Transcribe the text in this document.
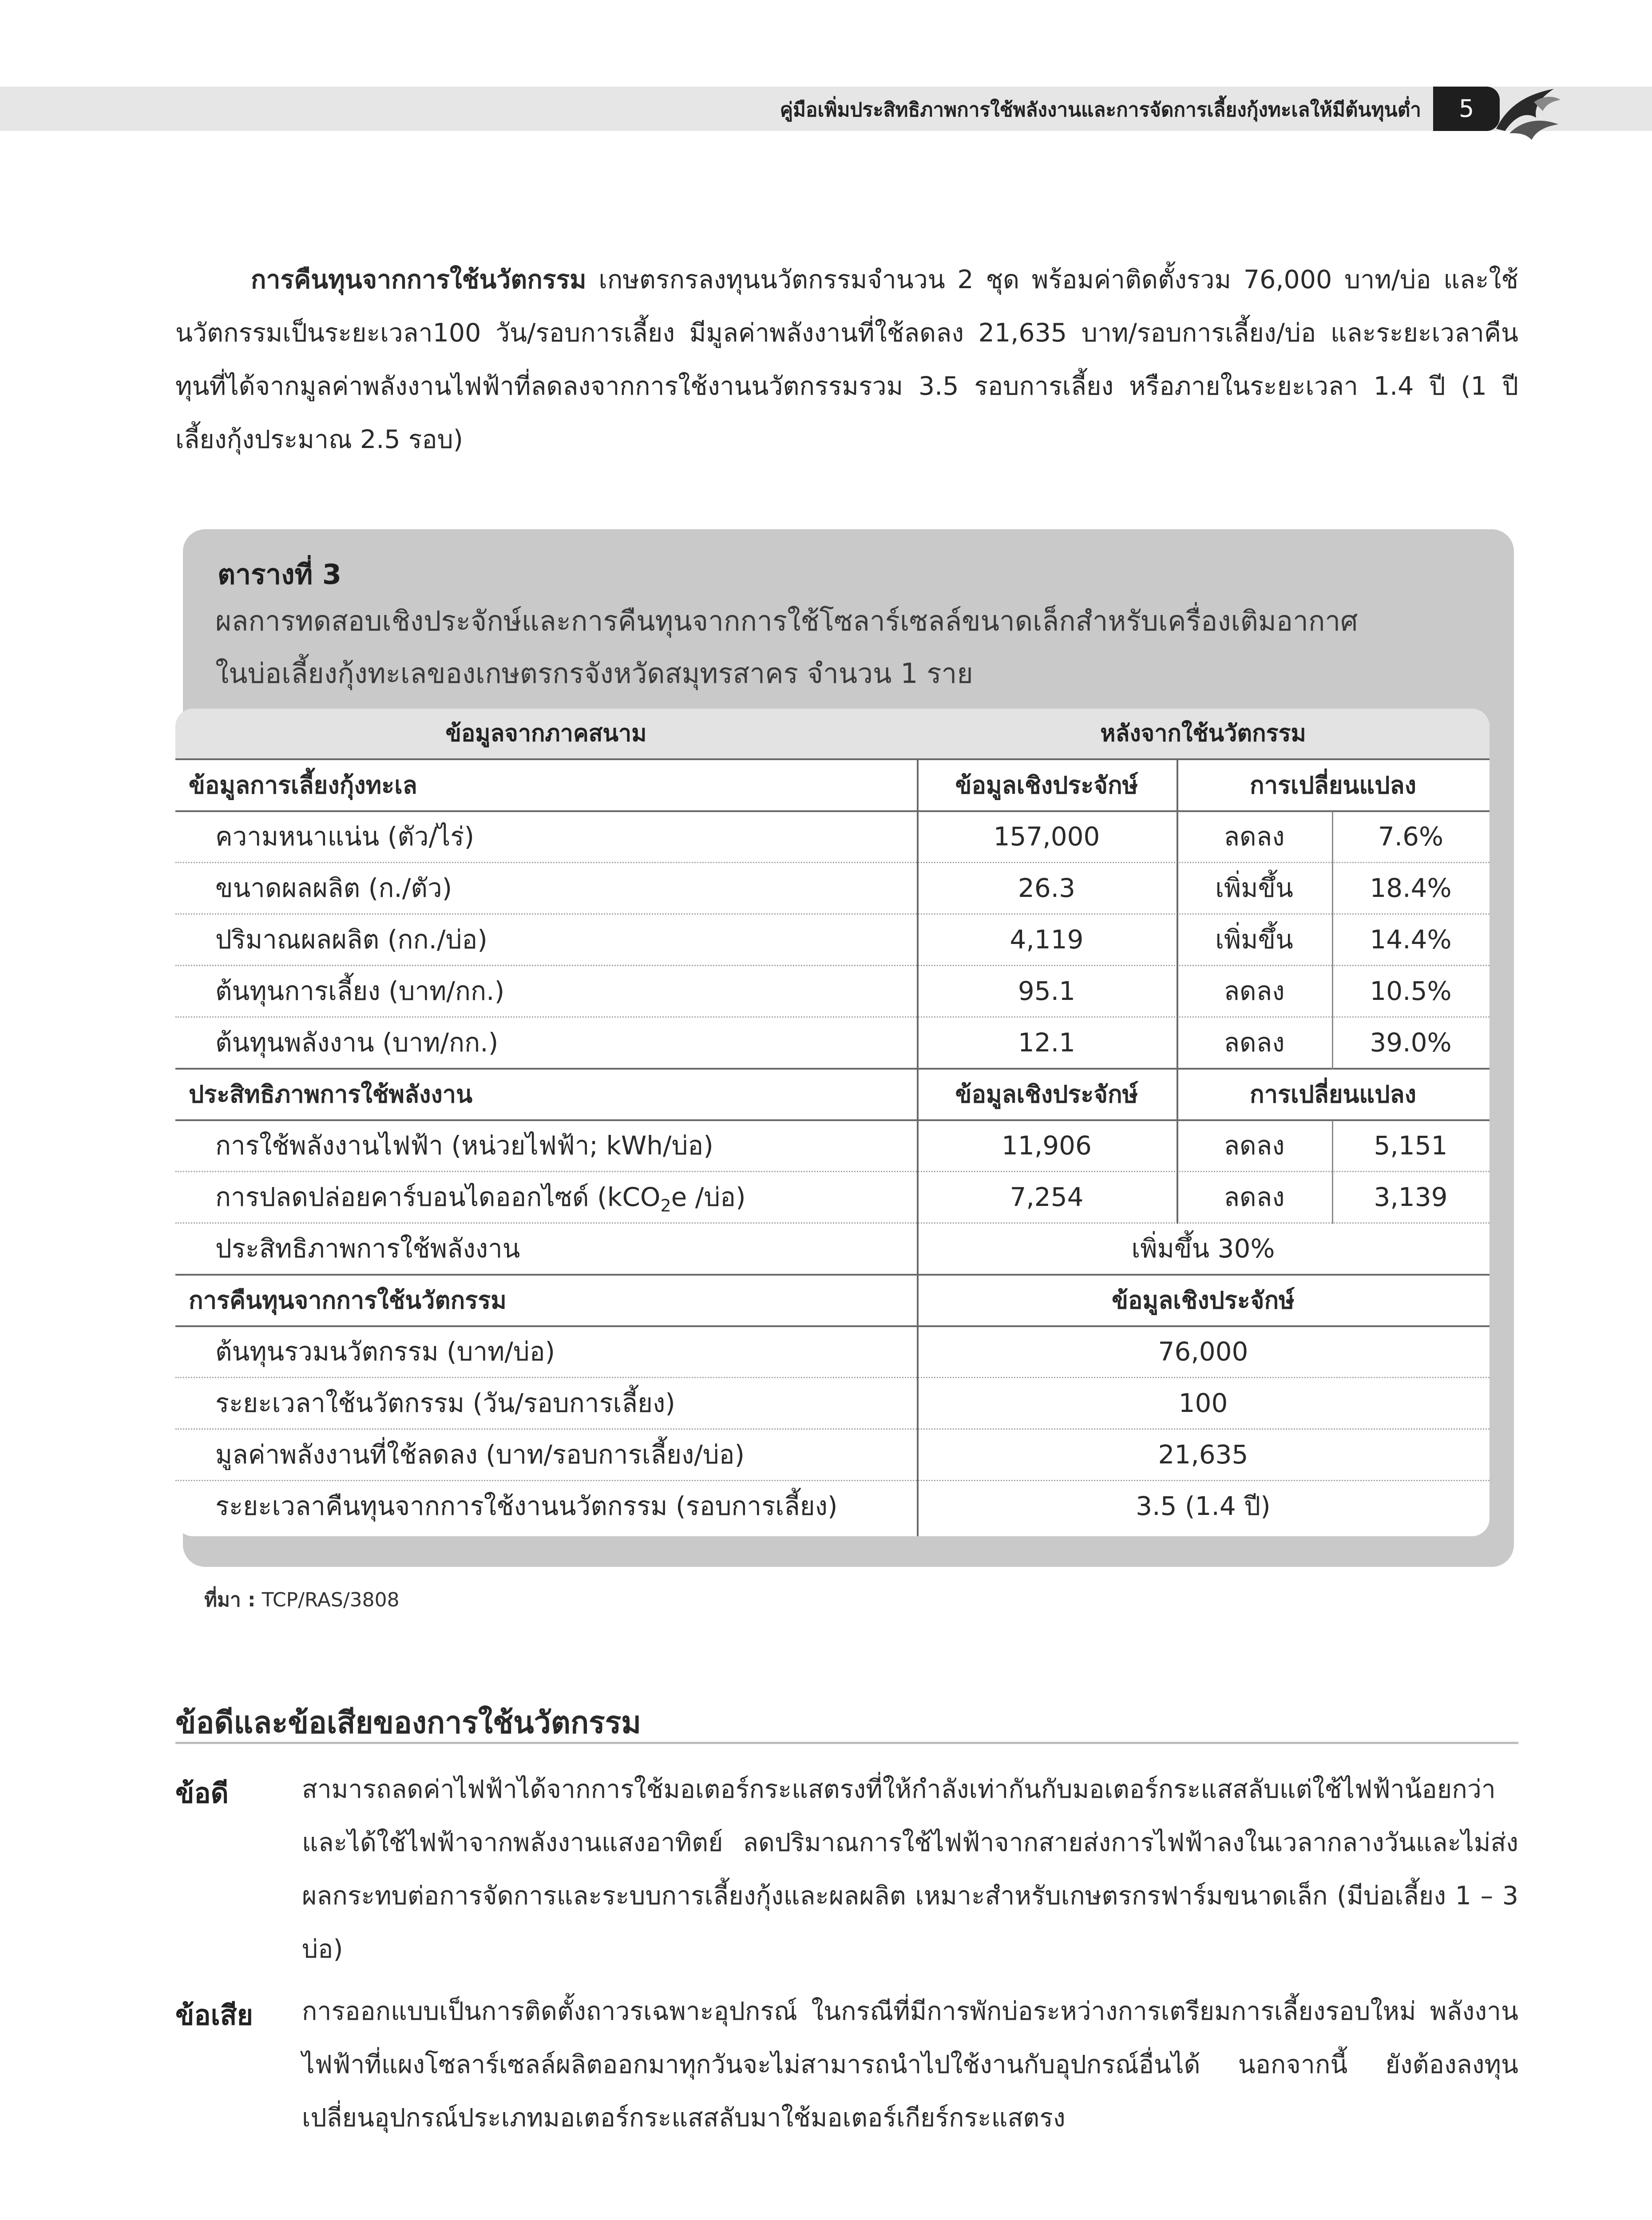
คู่มือเพิ่มประสิทธิภาพการใช้พลังงานและการจัดการเลี้ยงกุ้งทะเลให้มีต้นทุนต่ำ	5
การคืนทุนจากการใช้นวัตกรรม เกษตรกรลงทุนนวัตกรรมจำนวน 2 ชุด พร้อมค่าติดตั้งรวม 76,000 บาท/บ่อ และใช้นวัตกรรมเป็นระยะเวลา100 วัน/รอบการเลี้ยง มีมูลค่าพลังงานที่ใช้ลดลง 21,635 บาท/รอบการเลี้ยง/บ่อ และระยะเวลาคืนทุนที่ได้จากมูลค่าพลังงานไฟฟ้าที่ลดลงจากการใช้งานนวัตกรรมรวม 3.5 รอบการเลี้ยง หรือภายในระยะเวลา 1.4 ปี (1 ปี เลี้ยงกุ้งประมาณ 2.5 รอบ)
ตารางที่ 3
ผลการทดสอบเชิงประจักษ์และการคืนทุนจากการใช้โซลาร์เซลล์ขนาดเล็กสำหรับเครื่องเติมอากาศ
ในบ่อเลี้ยงกุ้งทะเลของเกษตรกรจังหวัดสมุทรสาคร จำนวน 1 ราย
ข้อมูลจากภาคสนาม	หลังจากใช้นวัตกรรม
ข้อมูลการเลี้ยงกุ้งทะเล	ข้อมูลเชิงประจักษ์	การเปลี่ยนแปลง
ความหนาแน่น (ตัว/ไร่)	157,000	ลดลง	7.6%
ขนาดผลผลิต (ก./ตัว)	26.3	เพิ่มขึ้น	18.4%
ปริมาณผลผลิต (กก./บ่อ)	4,119	เพิ่มขึ้น	14.4%
ต้นทุนการเลี้ยง (บาท/กก.)	95.1	ลดลง	10.5%
ต้นทุนพลังงาน (บาท/กก.)	12.1	ลดลง	39.0%
ประสิทธิภาพการใช้พลังงาน	ข้อมูลเชิงประจักษ์	การเปลี่ยนแปลง
การใช้พลังงานไฟฟ้า (หน่วยไฟฟ้า; kWh/บ่อ)	11,906	ลดลง	5,151
การปลดปล่อยคาร์บอนไดออกไซด์ (kCO$_2$e /บ่อ)	7,254	ลดลง	3,139
ประสิทธิภาพการใช้พลังงาน	เพิ่มขึ้น 30%
การคืนทุนจากการใช้นวัตกรรม	ข้อมูลเชิงประจักษ์
ต้นทุนรวมนวัตกรรม (บาท/บ่อ)	76,000
ระยะเวลาใช้นวัตกรรม (วัน/รอบการเลี้ยง)	100
มูลค่าพลังงานที่ใช้ลดลง (บาท/รอบการเลี้ยง/บ่อ)	21,635
ระยะเวลาคืนทุนจากการใช้งานนวัตกรรม (รอบการเลี้ยง)	3.5 (1.4 ปี)
ที่มา : TCP/RAS/3808
ข้อดีและข้อเสียของการใช้นวัตกรรม
ข้อดี	สามารถลดค่าไฟฟ้าได้จากการใช้มอเตอร์กระแสตรงที่ให้กำลังเท่ากันกับมอเตอร์กระแสสลับแต่ใช้ไฟฟ้าน้อยกว่าและได้ใช้ไฟฟ้าจากพลังงานแสงอาทิตย์ ลดปริมาณการใช้ไฟฟ้าจากสายส่งการไฟฟ้าลงในเวลากลางวันและไม่ส่งผลกระทบต่อการจัดการและระบบการเลี้ยงกุ้งและผลผลิต เหมาะสำหรับเกษตรกรฟาร์มขนาดเล็ก (มีบ่อเลี้ยง 1 – 3 บ่อ)
ข้อเสีย การออกแบบเป็นการติดตั้งถาวรเฉพาะอุปกรณ์ ในกรณีที่มีการพักบ่อระหว่างการเตรียมการเลี้ยงรอบใหม่ พลังงานไฟฟ้าที่แผงโซลาร์เซลล์ผลิตออกมาทุกวันจะไม่สามารถนำไปใช้งานกับอุปกรณ์อื่นได้ นอกจากนี้ ยังต้องลงทุนเปลี่ยนอุปกรณ์ประเภทมอเตอร์กระแสสลับมาใช้มอเตอร์เกียร์กระแสตรง
